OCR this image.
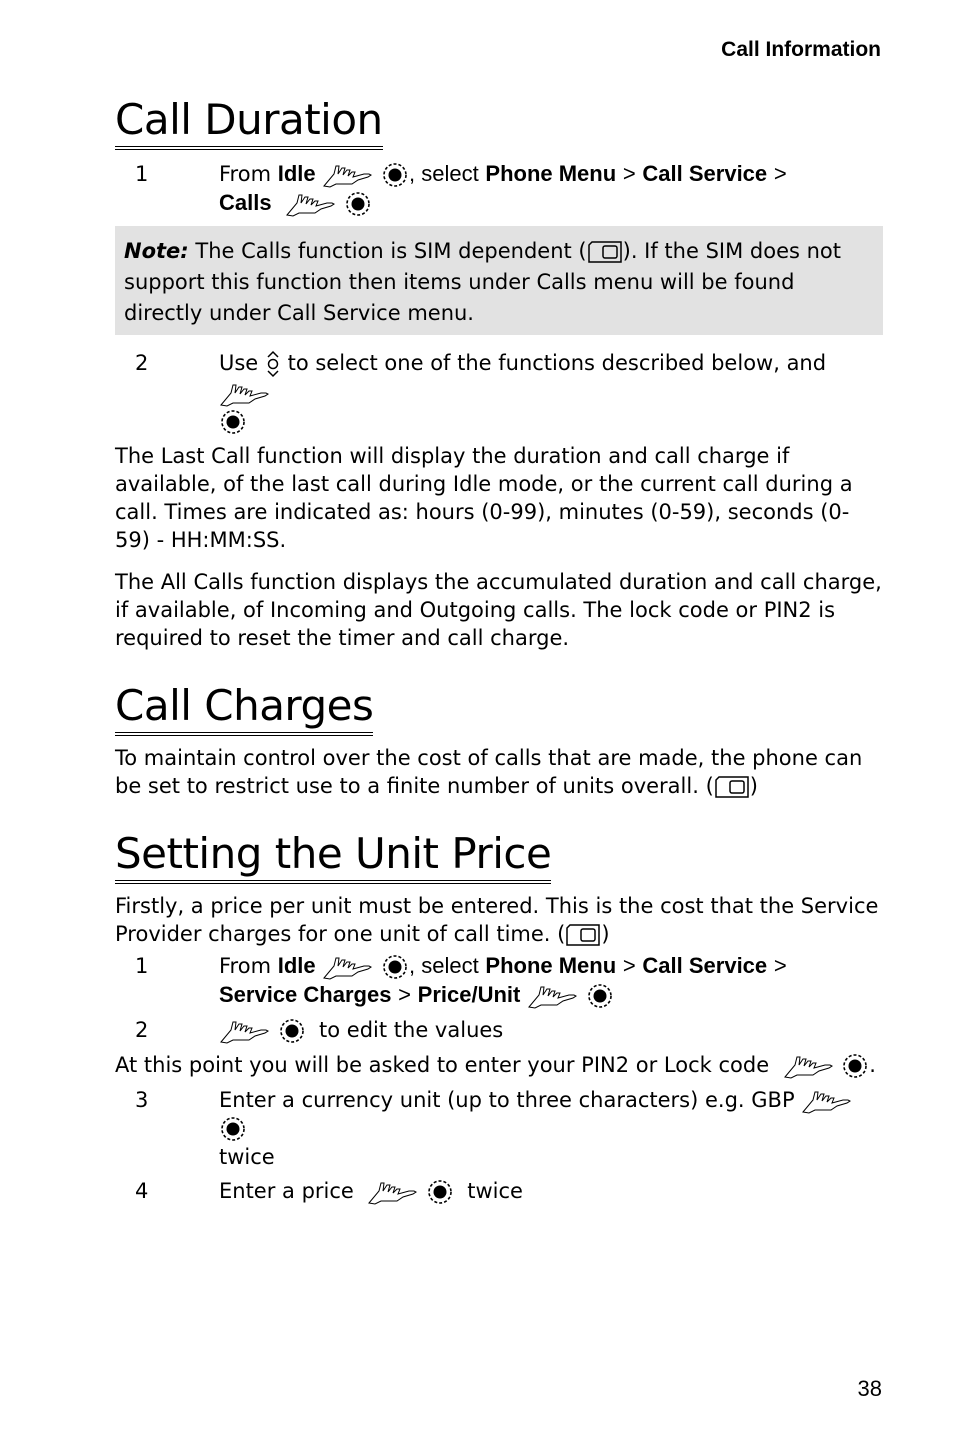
Call Information
Call Duration
1	From Idle
	, select Phone Menu > Call Service >
Calls

Note: The Calls function is SIM dependent ( ). If the SIM does not support this function then items under Calls menu will be found directly under Call Service menu.
2	Use to select one of the functions described below, and

The Last Call function will display the duration and call charge if available, of the last call during Idle mode, or the current call during a call. Times are indicated as: hours (0-99), minutes (0-59), seconds (0-59) - HH:MM:SS.

The All Calls function displays the accumulated duration and call charge, if available, of Incoming and Outgoing calls. The lock code or PIN2 is required to reset the timer and call charge.

Call Charges

To maintain control over the cost of calls that are made, the phone can be set to restrict use to a finite number of units overall. ( )

Setting the Unit Price

Firstly, a price per unit must be entered. This is the cost that the Service Provider charges for one unit of call time. ( )

1	From Idle
	, select Phone Menu > Call Service >
Service Charges > Price/Unit

2
	to edit the values

At this point you will be asked to enter your PIN2 or Lock code
	.

3	Enter a currency unit (up to three characters) e.g. GBP

twice
4	Enter a price
	twice
38
